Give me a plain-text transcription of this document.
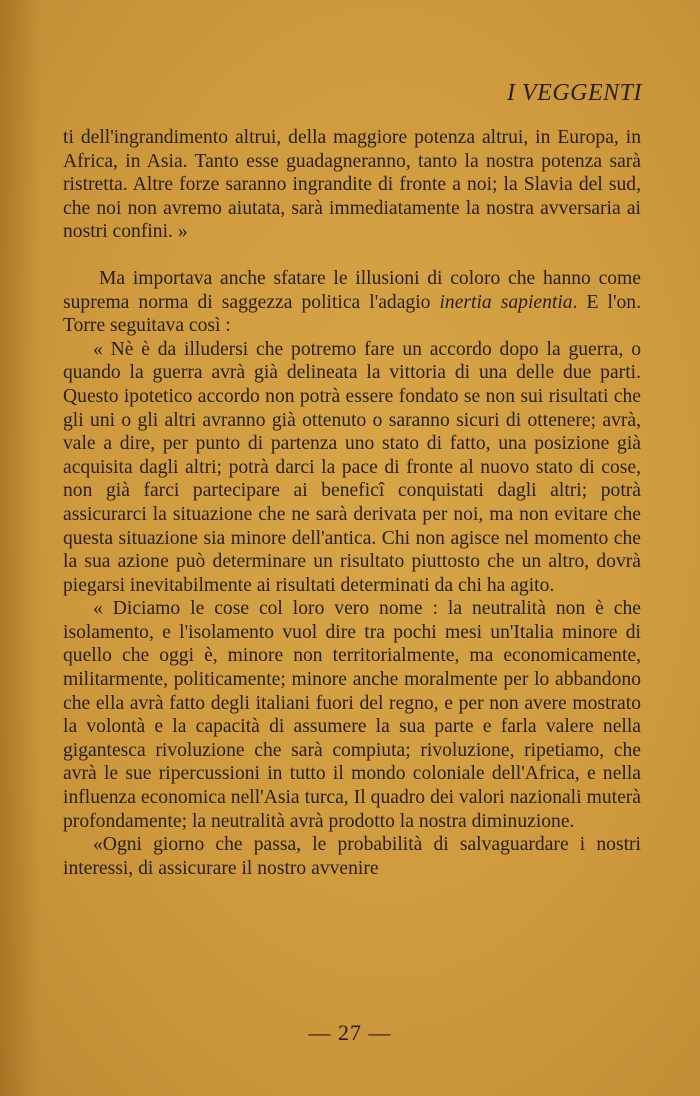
I VEGGENTI

ti dell'ingrandimento altrui, della maggiore potenza altrui, in Europa, in Africa, in Asia. Tanto esse guadagneranno, tanto la nostra potenza sarà ristretta. Altre forze saranno ingrandite di fronte a noi; la Slavia del sud, che noi non avremo aiutata, sarà immediatamente la nostra avversaria ai nostri confini. »

Ma importava anche sfatare le illusioni di coloro che hanno come suprema norma di saggezza politica l'adagio inertia sapientia. E l'on. Torre seguitava così :

« Nè è da illudersi che potremo fare un accordo dopo la guerra, o quando la guerra avrà già delineata la vittoria di una delle due parti. Questo ipotetico accordo non potrà essere fondato se non sui risultati che gli uni o gli altri avranno già ottenuto o saranno sicuri di ottenere; avrà, vale a dire, per punto di partenza uno stato di fatto, una posizione già acquisita dagli altri; potrà darci la pace di fronte al nuovo stato di cose, non già farci partecipare ai beneficî conquistati dagli altri; potrà assicurarci la situazione che ne sarà derivata per noi, ma non evitare che questa situazione sia minore dell'antica. Chi non agisce nel momento che la sua azione può determinare un risultato piuttosto che un altro, dovrà piegarsi inevitabilmente ai risultati determinati da chi ha agito.

« Diciamo le cose col loro vero nome : la neutralità non è che isolamento, e l'isolamento vuol dire tra pochi mesi un'Italia minore di quello che oggi è, minore non territorialmente, ma economicamente, militarmente, politicamente; minore anche moralmente per lo abbandono che ella avrà fatto degli italiani fuori del regno, e per non avere mostrato la volontà e la capacità di assumere la sua parte e farla valere nella gigantesca rivoluzione che sarà compiuta; rivoluzione, ripetiamo, che avrà le sue ripercussioni in tutto il mondo coloniale dell'Africa, e nella influenza economica nell'Asia turca, Il quadro dei valori nazionali muterà profondamente; la neutralità avrà prodotto la nostra diminuzione.

«Ogni giorno che passa, le probabilità di salvaguardare i nostri interessi, di assicurare il nostro avvenire

— 27 —
